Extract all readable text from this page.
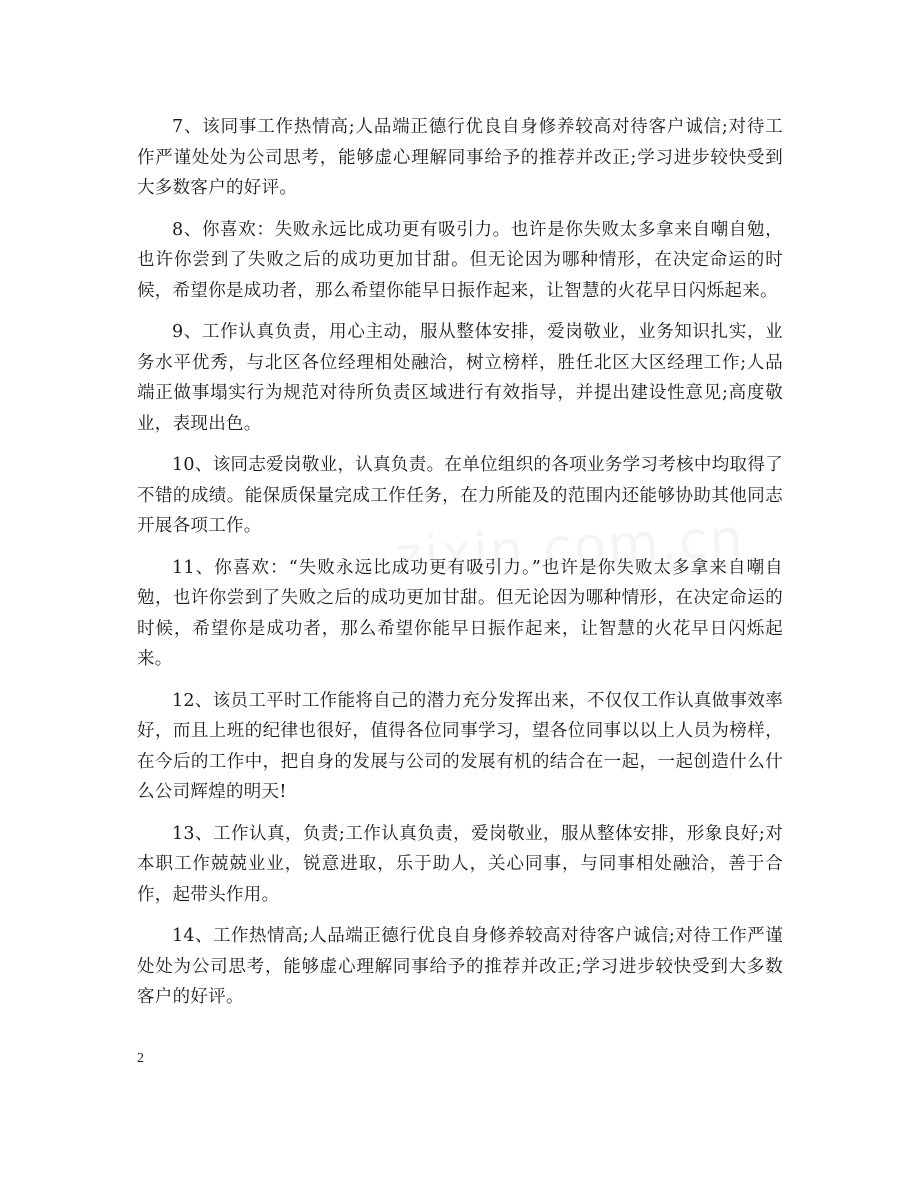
7、该同事工作热情高;人品端正德行优良自身修养较高对待客户诚信;对待工作严谨处处为公司思考，能够虚心理解同事给予的推荐并改正;学习进步较快受到大多数客户的好评。

8、你喜欢：失败永远比成功更有吸引力。也许是你失败太多拿来自嘲自勉，也许你尝到了失败之后的成功更加甘甜。但无论因为哪种情形，在决定命运的时候，希望你是成功者，那么希望你能早日振作起来，让智慧的火花早日闪烁起来。

9、工作认真负责，用心主动，服从整体安排，爱岗敬业，业务知识扎实，业务水平优秀，与北区各位经理相处融洽，树立榜样，胜任北区大区经理工作;人品端正做事塌实行为规范对待所负责区域进行有效指导，并提出建设性意见;高度敬业，表现出色。

10、该同志爱岗敬业，认真负责。在单位组织的各项业务学习考核中均取得了不错的成绩。能保质保量完成工作任务，在力所能及的范围内还能够协助其他同志开展各项工作。

11、你喜欢：“失败永远比成功更有吸引力。”也许是你失败太多拿来自嘲自勉，也许你尝到了失败之后的成功更加甘甜。但无论因为哪种情形，在决定命运的时候，希望你是成功者，那么希望你能早日振作起来，让智慧的火花早日闪烁起来。

12、该员工平时工作能将自己的潜力充分发挥出来，不仅仅工作认真做事效率好，而且上班的纪律也很好，值得各位同事学习，望各位同事以以上人员为榜样，在今后的工作中，把自身的发展与公司的发展有机的结合在一起，一起创造什么什么公司辉煌的明天!

13、工作认真，负责;工作认真负责，爱岗敬业，服从整体安排，形象良好;对本职工作兢兢业业，锐意进取，乐于助人，关心同事，与同事相处融洽，善于合作，起带头作用。

14、工作热情高;人品端正德行优良自身修养较高对待客户诚信;对待工作严谨处处为公司思考，能够虚心理解同事给予的推荐并改正;学习进步较快受到大多数客户的好评。

2
